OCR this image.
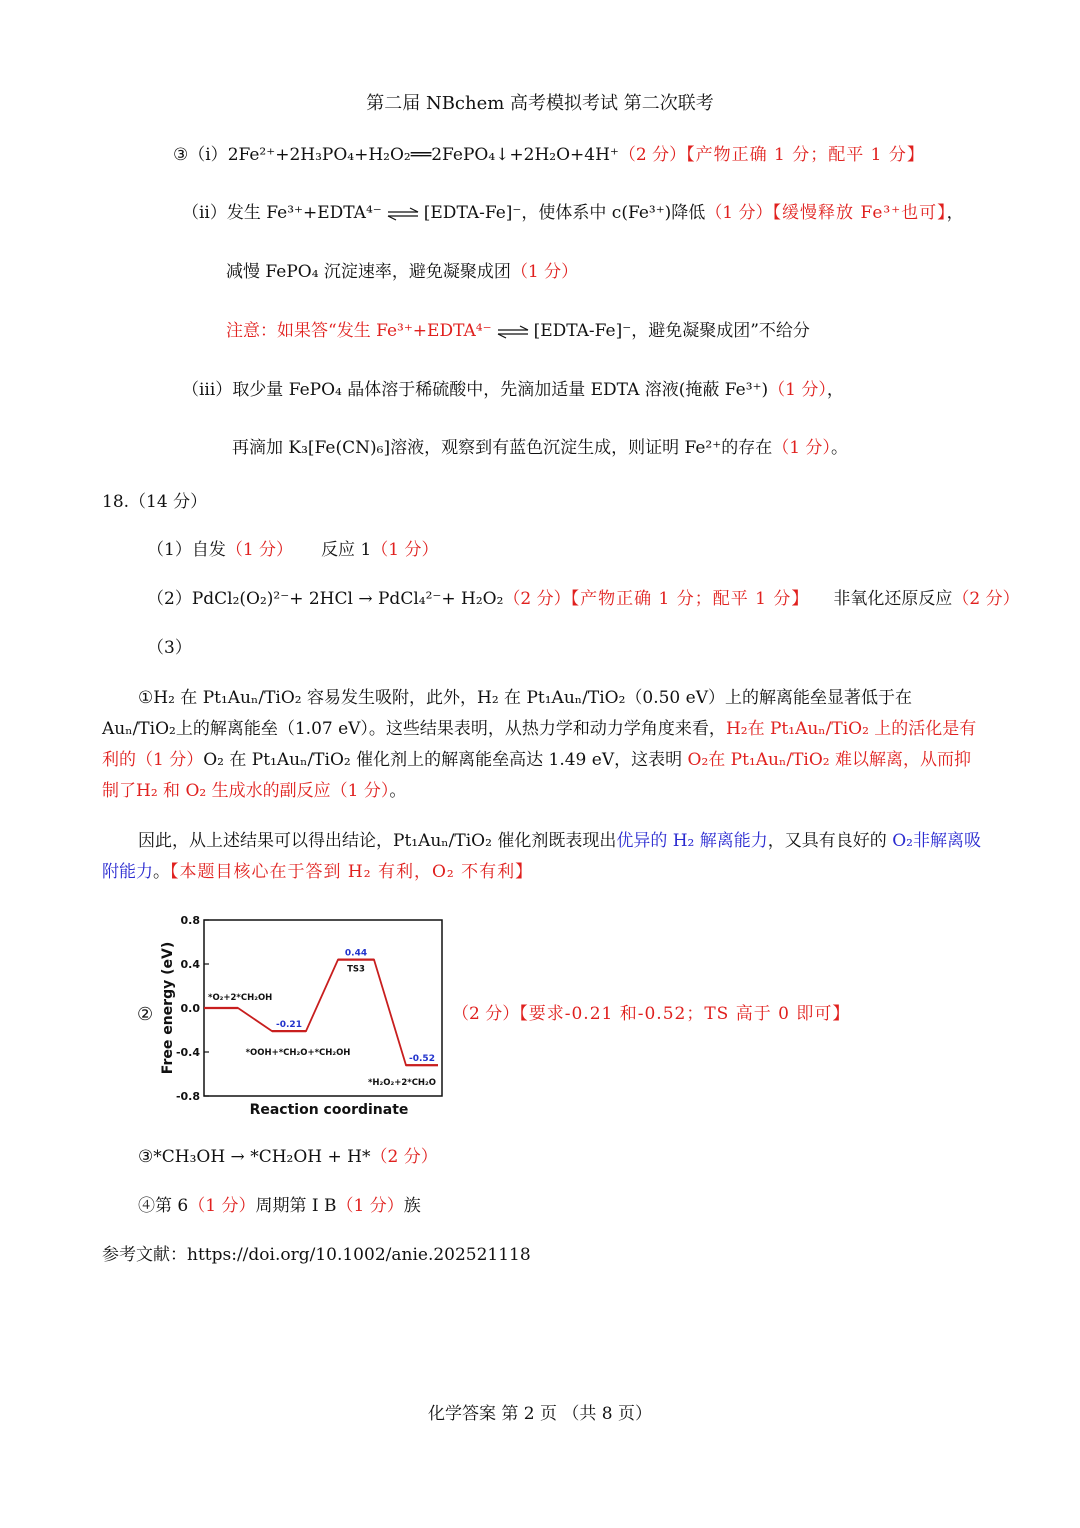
第二届 NBchem 高考模拟考试 第二次联考
③（i）2Fe²⁺+2H₃PO₄+H₂O₂══2FePO₄↓+2H₂O+4H⁺（2 分）【产物正确 1 分；配平 1 分】
（ii）发生 Fe³⁺+EDTA⁴⁻ ⇌ [EDTA-Fe]⁻，使体系中 c(Fe³⁺)降低（1 分）【缓慢释放 Fe³⁺也可】，
减慢 FePO₄ 沉淀速率，避免凝聚成团（1 分）
注意：如果答“发生 Fe³⁺+EDTA⁴⁻ ⇌ [EDTA-Fe]⁻，避免凝聚成团”不给分
（iii）取少量 FePO₄ 晶体溶于稀硫酸中，先滴加适量 EDTA 溶液(掩蔽 Fe³⁺)（1 分），
再滴加 K₃[Fe(CN)₆]溶液，观察到有蓝色沉淀生成，则证明 Fe²⁺的存在（1 分）。
18.（14 分）
（1）自发（1 分） 反应 1（1 分）
（2）PdCl₂(O₂)²⁻+ 2HCl → PdCl₄²⁻+ H₂O₂（2 分）【产物正确 1 分；配平 1 分】 非氧化还原反应（2 分）
（3）
①H₂ 在 Pt₁Auₙ/TiO₂ 容易发生吸附，此外，H₂ 在 Pt₁Auₙ/TiO₂（0.50 eV）上的解离能垒显著低于在 Auₙ/TiO₂上的解离能垒（1.07 eV）。这些结果表明，从热力学和动力学角度来看，H₂在 Pt₁Auₙ/TiO₂ 上的活化是有利的（1 分）O₂ 在 Pt₁Auₙ/TiO₂ 催化剂上的解离能垒高达 1.49 eV，这表明 O₂在 Pt₁Auₙ/TiO₂ 难以解离，从而抑制了H₂ 和 O₂ 生成水的副反应（1 分）。
因此，从上述结果可以得出结论，Pt₁Auₙ/TiO₂ 催化剂既表现出优异的 H₂ 解离能力，又具有良好的 O₂非解离吸附能力。【本题目核心在于答到 H₂ 有利，O₂ 不有利】
② Free energy (eV)
Reaction coordinate
0.8
0.4
0.0
-0.4
-0.8
-0.21
0.44
-0.52
*O₂+2*CH₂OH
*OOH+*CH₂O+*CH₂OH
TS3
*H₂O₂+2*CH₂O
（2 分）【要求-0.21 和-0.52；TS 高于 0 即可】
③*CH₃OH → *CH₂OH + H*（2 分）
④第 6（1 分）周期第 I B（1 分）族
参考文献：https://doi.org/10.1002/anie.202521118
化学答案 第 2 页 （共 8 页）
